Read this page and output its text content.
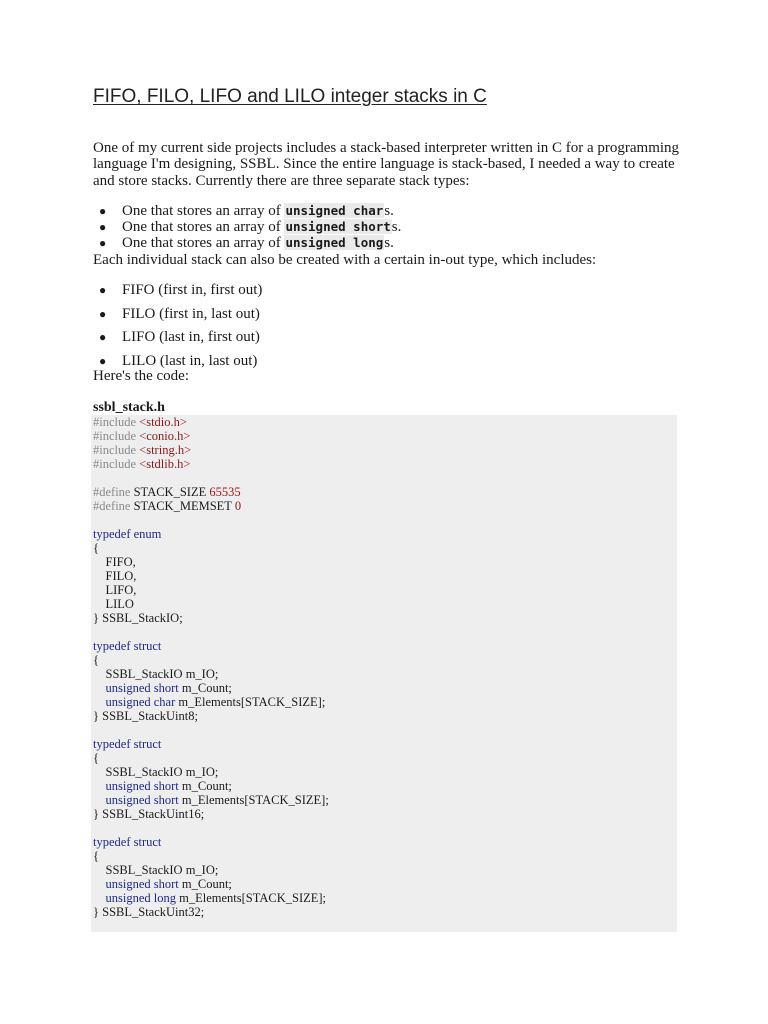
FIFO, FILO, LIFO and LILO integer stacks in C

One of my current side projects includes a stack-based interpreter written in C for a programming language I'm designing, SSBL. Since the entire language is stack-based, I needed a way to create and store stacks. Currently there are three separate stack types:

● One that stores an array of unsigned chars.
● One that stores an array of unsigned shorts.
● One that stores an array of unsigned longs.

Each individual stack can also be created with a certain in-out type, which includes:

● FIFO (first in, first out)
● FILO (first in, last out)
● LIFO (last in, first out)
● LILO (last in, last out)

Here's the code:

ssbl_stack.h

#include <stdio.h>
#include <conio.h>
#include <string.h>
#include <stdlib.h>

#define STACK_SIZE 65535
#define STACK_MEMSET 0

typedef enum
{
FIFO,
FILO,
LIFO,
LILO
} SSBL_StackIO;

typedef struct
{
SSBL_StackIO m_IO;
unsigned short m_Count;
unsigned char m_Elements[STACK_SIZE];
} SSBL_StackUint8;

typedef struct
{
SSBL_StackIO m_IO;
unsigned short m_Count;
unsigned short m_Elements[STACK_SIZE];
} SSBL_StackUint16;

typedef struct
{
SSBL_StackIO m_IO;
unsigned short m_Count;
unsigned long m_Elements[STACK_SIZE];
} SSBL_StackUint32;
